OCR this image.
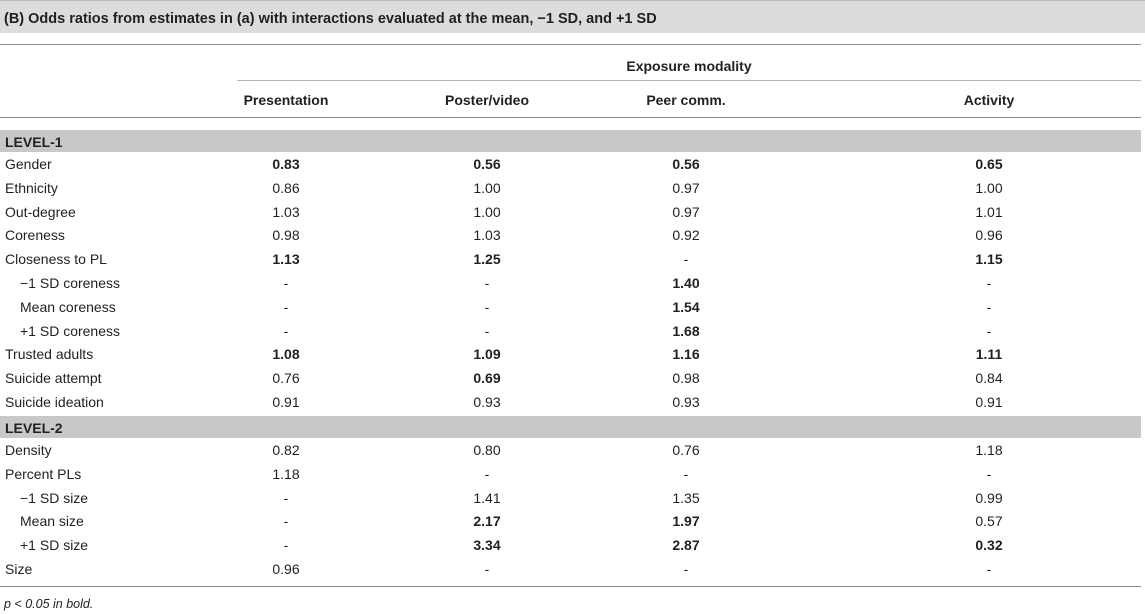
(B) Odds ratios from estimates in (a) with interactions evaluated at the mean, −1 SD, and +1 SD
Exposure modality
Presentation	Poster/video	Peer comm.	Activity
LEVEL-1
Gender	0.83	0.56	0.56	0.65
Ethnicity	0.86	1.00	0.97	1.00
Out-degree	1.03	1.00	0.97	1.01
Coreness	0.98	1.03	0.92	0.96
Closeness to PL	1.13	1.25	-	1.15
−1 SD coreness	-	-	1.40	-
Mean coreness	-	-	1.54	-
+1 SD coreness	-	-	1.68	-
Trusted adults	1.08	1.09	1.16	1.11
Suicide attempt	0.76	0.69	0.98	0.84
Suicide ideation	0.91	0.93	0.93	0.91
LEVEL-2
Density	0.82	0.80	0.76	1.18
Percent PLs	1.18	-	-	-
−1 SD size	-	1.41	1.35	0.99
Mean size	-	2.17	1.97	0.57
+1 SD size	-	3.34	2.87	0.32
Size	0.96	-	-	-
p < 0.05 in bold.
